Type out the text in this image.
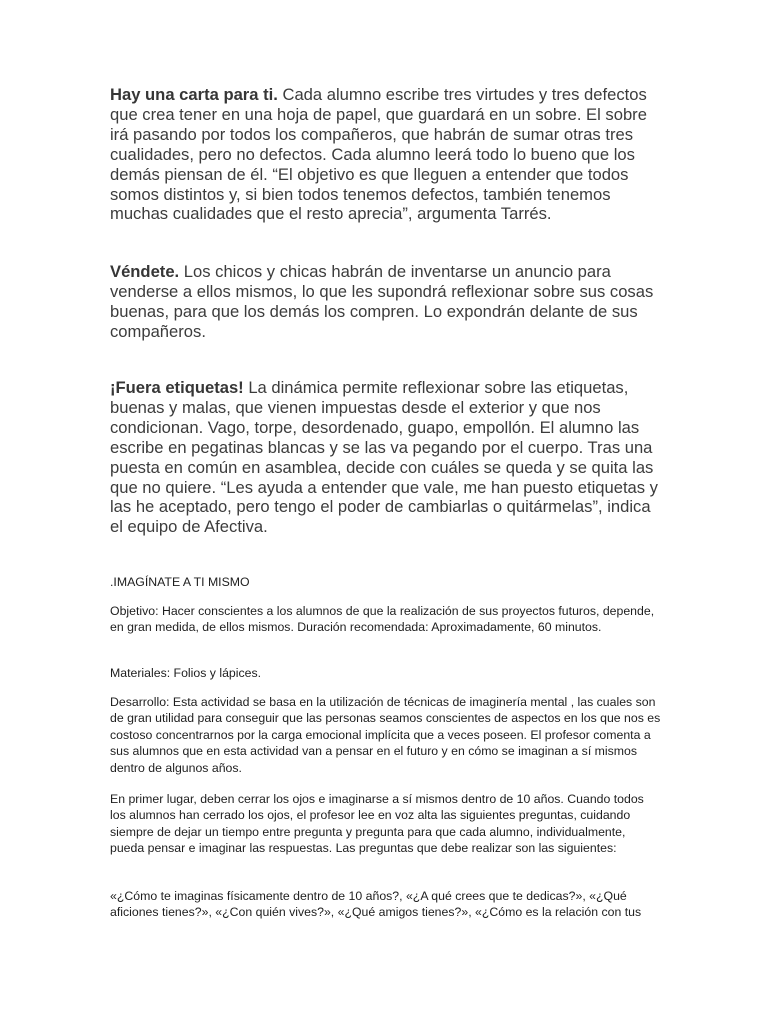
Hay una carta para ti. Cada alumno escribe tres virtudes y tres defectos que crea tener en una hoja de papel, que guardará en un sobre. El sobre irá pasando por todos los compañeros, que habrán de sumar otras tres cualidades, pero no defectos. Cada alumno leerá todo lo bueno que los demás piensan de él. “El objetivo es que lleguen a entender que todos somos distintos y, si bien todos tenemos defectos, también tenemos muchas cualidades que el resto aprecia”, argumenta Tarrés.

Véndete. Los chicos y chicas habrán de inventarse un anuncio para venderse a ellos mismos, lo que les supondrá reflexionar sobre sus cosas buenas, para que los demás los compren. Lo expondrán delante de sus compañeros.

¡Fuera etiquetas! La dinámica permite reflexionar sobre las etiquetas, buenas y malas, que vienen impuestas desde el exterior y que nos condicionan. Vago, torpe, desordenado, guapo, empollón. El alumno las escribe en pegatinas blancas y se las va pegando por el cuerpo. Tras una puesta en común en asamblea, decide con cuáles se queda y se quita las que no quiere. “Les ayuda a entender que vale, me han puesto etiquetas y las he aceptado, pero tengo el poder de cambiarlas o quitármelas”, indica el equipo de Afectiva.

.IMAGÍNATE A TI MISMO

Objetivo: Hacer conscientes a los alumnos de que la realización de sus proyectos futuros, depende, en gran medida, de ellos mismos. Duración recomendada: Aproximadamente, 60 minutos.

Materiales: Folios y lápices.

Desarrollo: Esta actividad se basa en la utilización de técnicas de imaginería mental , las cuales son de gran utilidad para conseguir que las personas seamos conscientes de aspectos en los que nos es costoso concentrarnos por la carga emocional implícita que a veces poseen. El profesor comenta a sus alumnos que en esta actividad van a pensar en el futuro y en cómo se imaginan a sí mismos dentro de algunos años.

En primer lugar, deben cerrar los ojos e imaginarse a sí mismos dentro de 10 años. Cuando todos los alumnos han cerrado los ojos, el profesor lee en voz alta las siguientes preguntas, cuidando siempre de dejar un tiempo entre pregunta y pregunta para que cada alumno, individualmente, pueda pensar e imaginar las respuestas. Las preguntas que debe realizar son las siguientes:

«¿Cómo te imaginas físicamente dentro de 10 años?, «¿A qué crees que te dedicas?», «¿Qué aficiones tienes?», «¿Con quién vives?», «¿Qué amigos tienes?», «¿Cómo es la relación con tus
